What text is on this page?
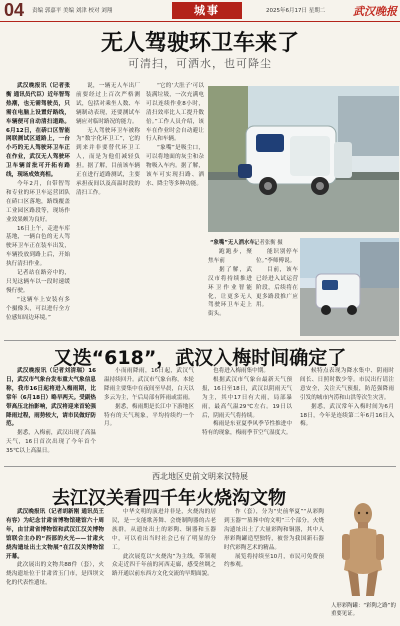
04 责编 郭嘉平 美编 刘津 校对 刘翔	城事	2025年6月17日 星期二	武汉晚报
无人驾驶环卫车来了
可清扫，可洒水，也可降尘

武汉晚报讯（记者张衡 通讯员代臣）近年智驾热潮，也无需驾驶员，只需在电脑上设置好路线，车辆便可自动清扫道路。6月12日，在硚口区智能网联测试区道路上，一台小巧的无人驾驶环卫车正在作业，武汉无人驾驶环卫车辆首批可开拓有路线，现场成效亮相。

今年2月，自带智驾和专业的环卫车运营团队在硚口区落地，路线覆盖工业园区路段等，现场作业效果颇为良好。

16日上午，走进车库基地，一辆白色的无人驾驶环卫车正在装车出发，车辆投放到路上后，开始执行清扫作业。

记者站在路旁中的，只见这辆车以一段时速缓慢行驶。

“这辆车上安装有多个摄像头，可以进行全方位感知周边环境。”

说，一辆无人车出厂前要经过上百次严格测试，包括对乘坐人数、车辆制动表现，还要测试车辆应对临时路况的能力。

无人驾驶环卫车被称为“数字化环卫工”，它的到来并非要替代环卫工人，而是为他们减轻负担。据了解，目前该车辆正在进行道路测试，主要承担夜间以及高温时段的清扫工作。

“它的‘大肚子’可以装满垃圾，一次充满电可以连续作业8小时，清扫效率比人工提升数倍。”工作人员介绍，该车在作业时会自动避让行人和车辆。

“象嘴”是吸尘口，可以将地面的灰尘和杂物吸入车内。据了解，该车可实现扫路、洒水、降尘等多种功能。

“象嘴”无人洒水车。
记者张衡 摄

跑跑步，聚焦车前

据了解，武汉市将持续推进环卫作业智能化，让更多无人驾驶环卫车走上街头。

能识别停车位。”李师傅说。

目前，该车已经进入试运营阶段，后续将在更多路段推广应用。

又迭“618”，武汉入梅时间确定了

武汉晚报讯（记者刘清瑞）16日，武汉市气象台发布重大气象信息称，我市16日起将进入梅雨期，比常年（6月18日）略早两天。受副热带高压北抬影响，武汉将迎来首轮强降雨过程，雨势较大，请市民做好防范。

据悉，入梅前，武汉出现了高温天气，16日首次出现了今年首个35℃以上高温日。

小而雨降雨，16日起，武汉气温持续回升。武汉市气象台称，本轮降雨主要集中在夜间至早晨，白天以多云为主，午后局部有阵雨或雷雨。

据悉，梅雨期是长江中下游地区特有的天气现象，平均持续约一个月。

也将进入梅雨集中期。

根据武汉市气象台最新天气预报，16日至18日，武汉以阴雨天气为主，其中17日有大雨，局部暴雨，最高气温29℃左右。19日以后，阴雨天气将持续。

梅雨是东亚夏季风季节性推进中特有的现象，梅雨季节空气湿度大。

候特点表现为降水集中、阴雨时间长、日照时数少等。市民出行请注意安全，关注天气预报，防范强降雨引发的城市内涝和山洪等次生灾害。

据悉，武汉常年入梅时间为6月18日，今年是连续第二年6月16日入梅。

西北地区史前文明来汉特展
去江汉关看四千年火烧沟文物

武汉晚报讯（记者胡新刚 通讯员王有容）为纪念甘肃省博物馆建馆六十周年，由甘肃省博物馆和武汉江汉关博物馆联合主办的“西部的火光——甘肃火烧沟遗址出土文物展”在江汉关博物馆开幕。

此次展出的文物共88件（套），火烧沟遗址位于甘肃省玉门市，是四坝文化的代表性遗址。

中华文明的演进并非是，火烧沟的居民，是一支能歌善舞、会烧制陶器的古老族群。从遗址出土的彩陶、铜器和玉器中，可以看出当时社会已有了明显的分工。

此次展览以“火烧沟”为主线，带领观众走近四千年前的河西走廊，感受丝绸之路开通以前东西方文化交流的早期面貌。

作（套），分为“史前华夏”“从彩陶到玉器”“墓葬中的文明”三个部分。火烧沟遗址出土了大量彩陶和铜器，其中人形彩陶罐造型独特，被誉为我国新石器时代彩陶艺术的精品。

展览将持续至10月，市民可免费预约参观。

人形彩陶罐：“彩陶之路”的重要见证。
